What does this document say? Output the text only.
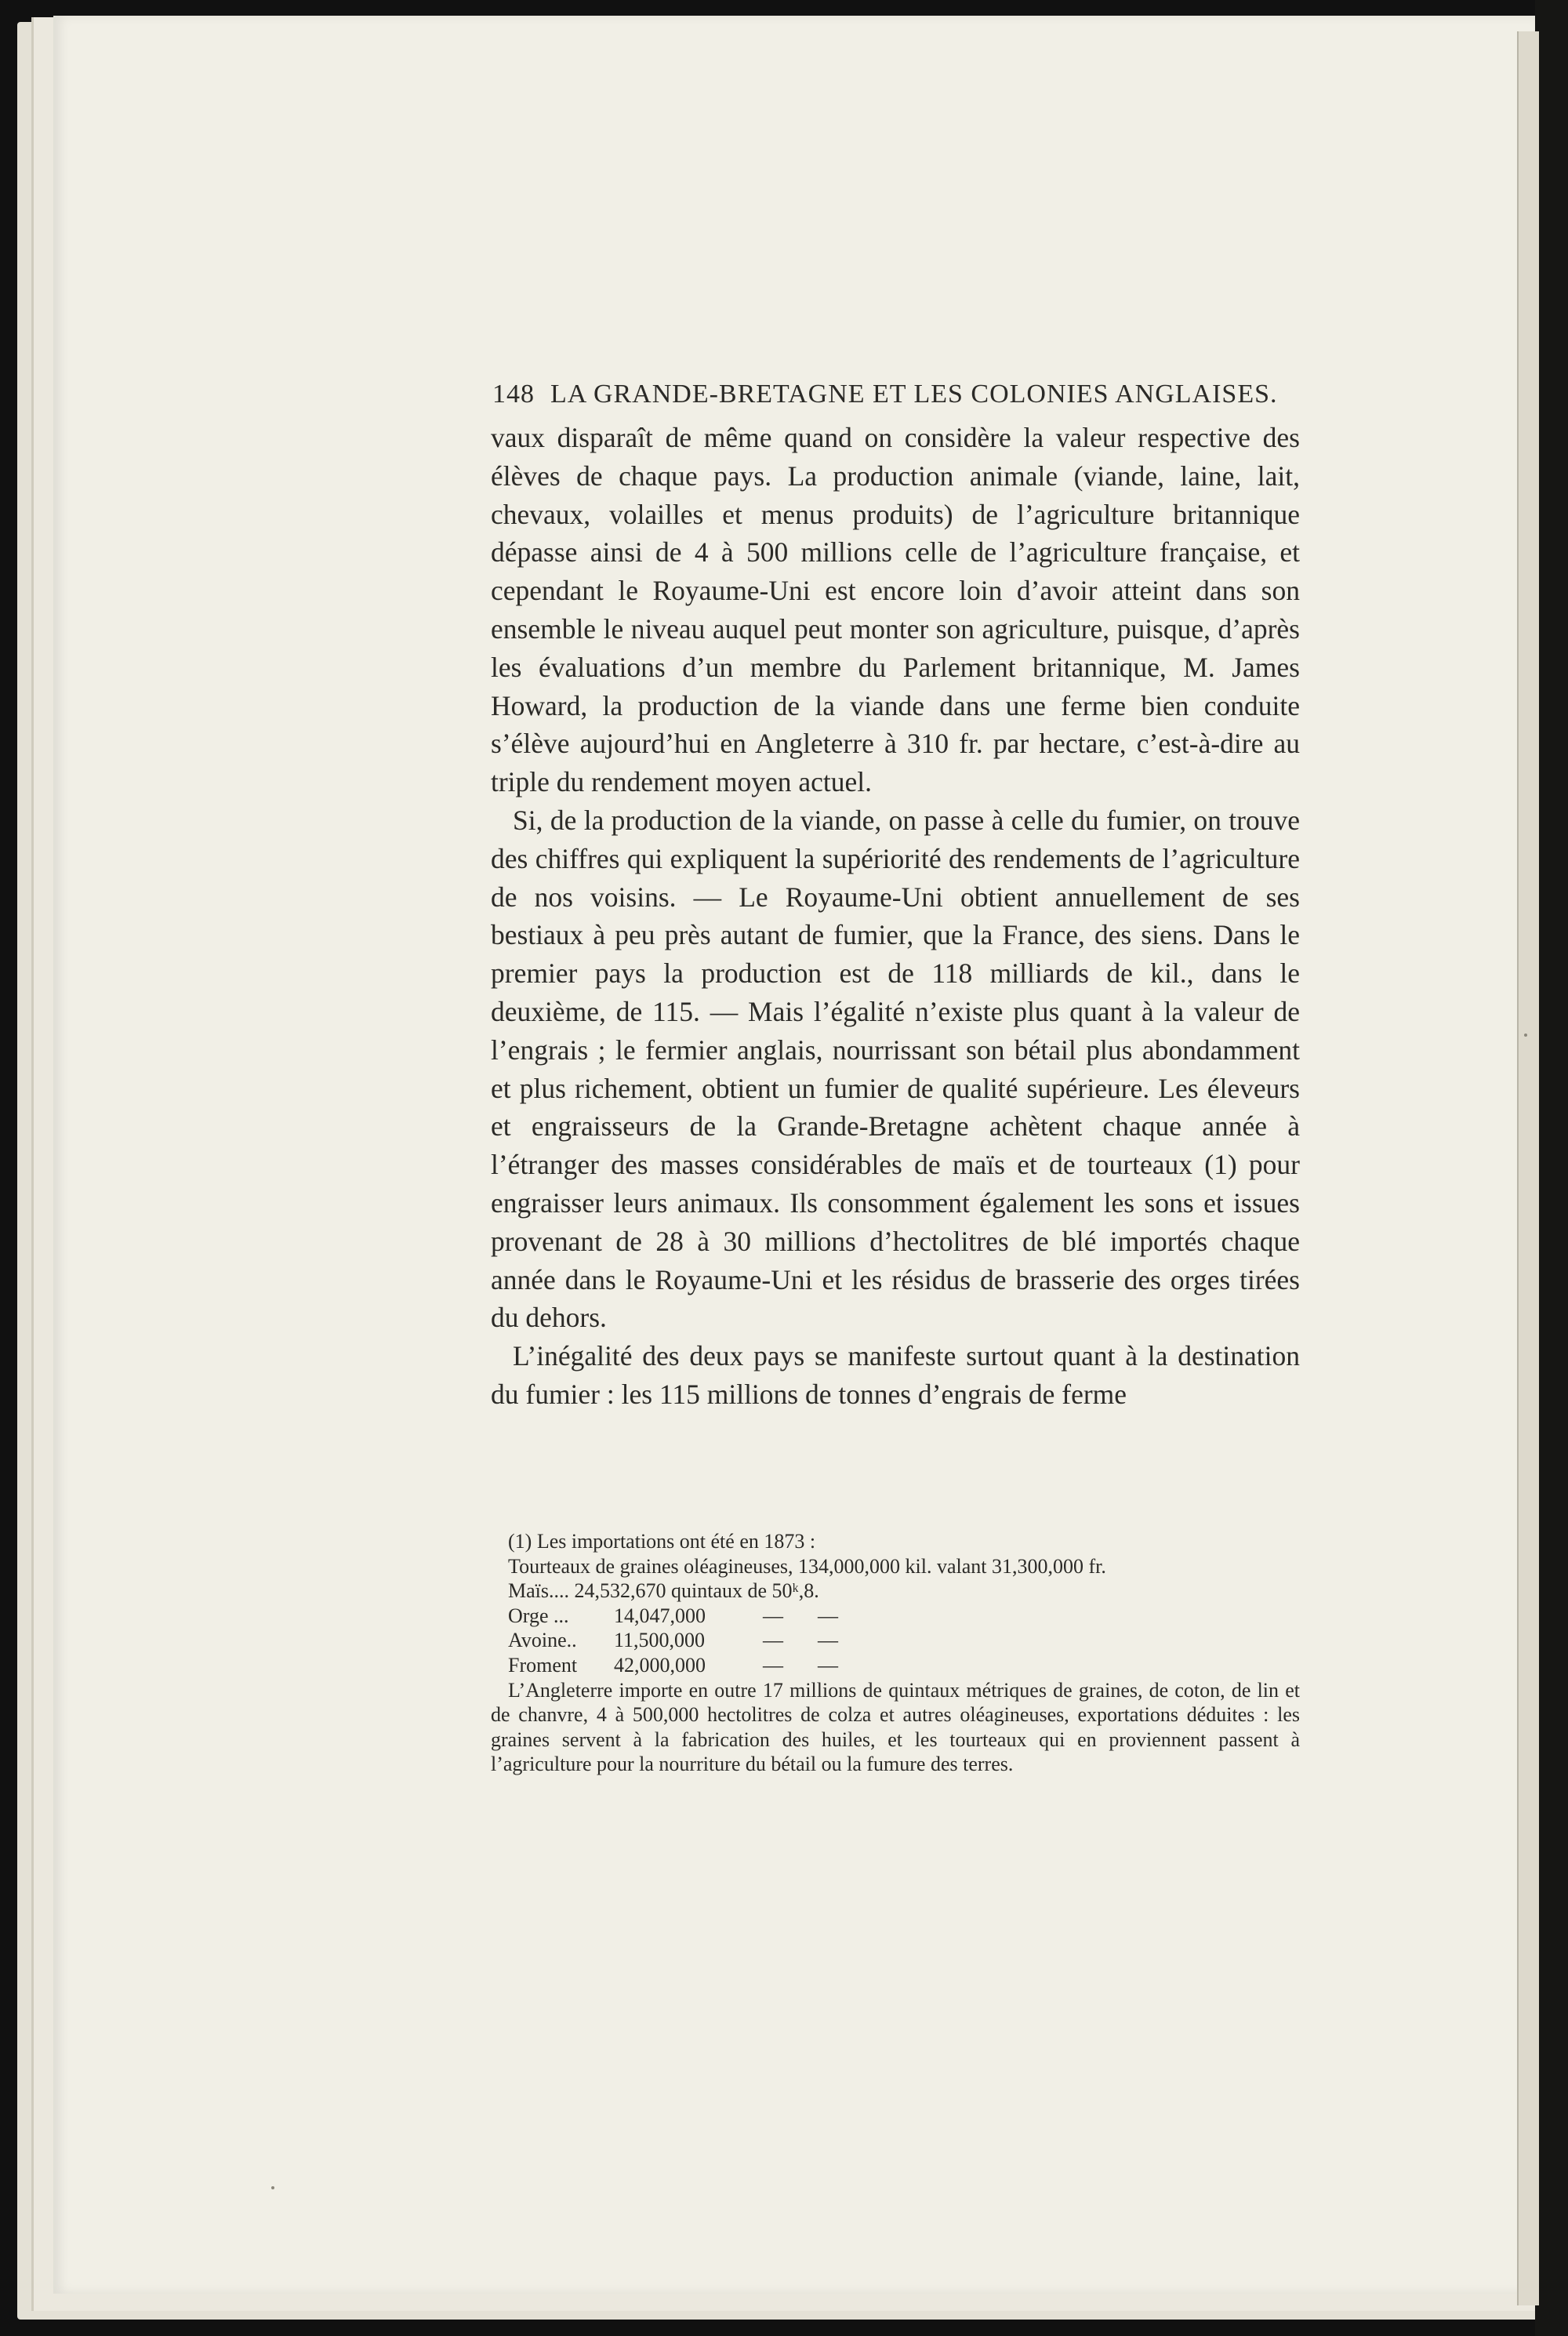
148 LA GRANDE-BRETAGNE ET LES COLONIES ANGLAISES.

vaux disparaît de même quand on considère la valeur respective des élèves de chaque pays. La production animale (viande, laine, lait, chevaux, volailles et menus produits) de l’agriculture britannique dépasse ainsi de 4 à 500 millions celle de l’agriculture française, et cependant le Royaume-Uni est encore loin d’avoir atteint dans son ensemble le niveau auquel peut monter son agriculture, puisque, d’après les évaluations d’un membre du Parlement britannique, M. James Howard, la production de la viande dans une ferme bien conduite s’élève aujourd’hui en Angleterre à 310 fr. par hectare, c’est-à-dire au triple du rendement moyen actuel.

Si, de la production de la viande, on passe à celle du fumier, on trouve des chiffres qui expliquent la supériorité des rendements de l’agriculture de nos voisins. — Le Royaume-Uni obtient annuellement de ses bestiaux à peu près autant de fumier, que la France, des siens. Dans le premier pays la production est de 118 milliards de kil., dans le deuxième, de 115. — Mais l’égalité n’existe plus quant à la valeur de l’engrais ; le fermier anglais, nourrissant son bétail plus abondamment et plus richement, obtient un fumier de qualité supérieure. Les éleveurs et engraisseurs de la Grande-Bretagne achètent chaque année à l’étranger des masses considérables de maïs et de tourteaux (1) pour engraisser leurs animaux. Ils consomment également les sons et issues provenant de 28 à 30 millions d’hectolitres de blé importés chaque année dans le Royaume-Uni et les résidus de brasserie des orges tirées du dehors.

L’inégalité des deux pays se manifeste surtout quant à la destination du fumier : les 115 millions de tonnes d’engrais de ferme

(1) Les importations ont été en 1873 :
Tourteaux de graines oléagineuses, 134,000,000 kil. valant 31,300,000 fr.
Maïs.... 24,532,670 quintaux de 50ᵏ,8.
Orge ... 14,047,000	— —
Avoine.. 11,500,000	— —
Froment 42,000,000	— —
L’Angleterre importe en outre 17 millions de quintaux métriques de graines, de coton, de lin et de chanvre, 4 à 500,000 hectolitres de colza et autres oléagineuses, exportations déduites : les graines servent à la fabrication des huiles, et les tourteaux qui en proviennent passent à l’agriculture pour la nourriture du bétail ou la fumure des terres.
